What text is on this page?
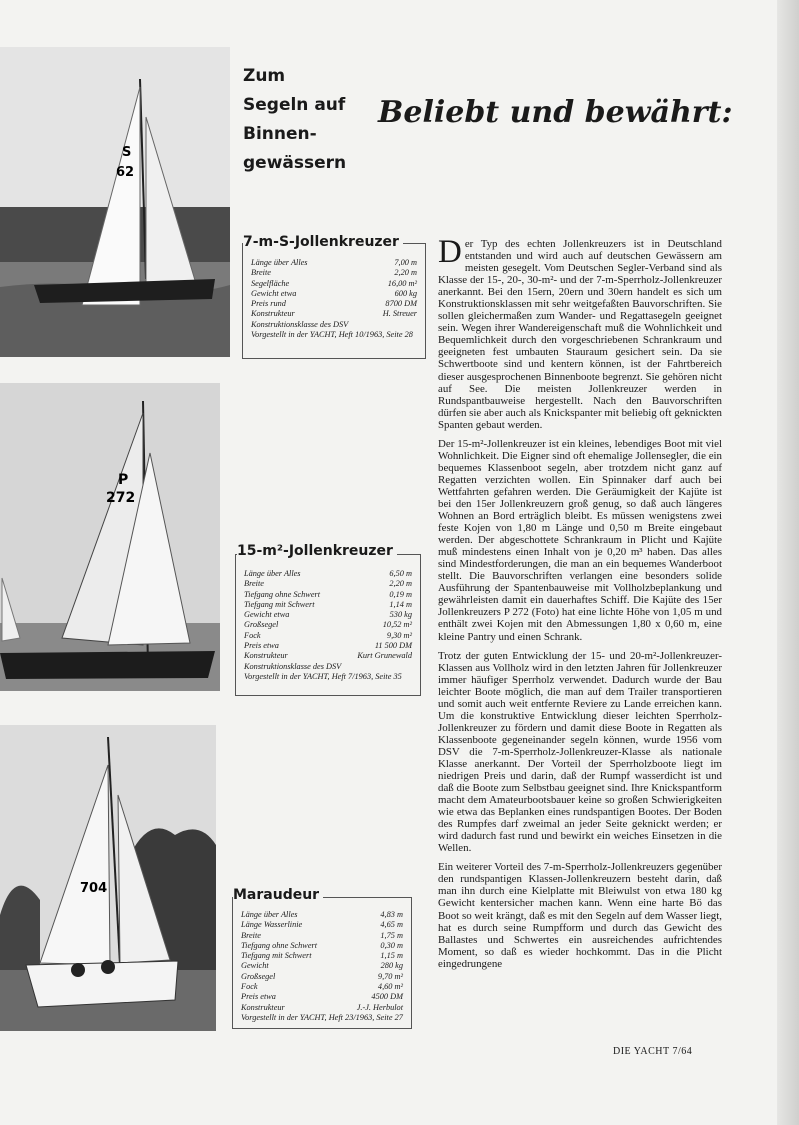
S
62
P
272
704
Zum
Segeln auf
Binnen-
gewässern
Beliebt und bewährt:
Länge über Alles	7,00 m
Breite	2,20 m
Segelfläche	16,00 m²
Gewicht etwa	600 kg
Preis rund	8700 DM
Konstrukteur	H. Streuer
Konstruktionsklasse des DSV
Vorgestellt in der YACHT, Heft 10/1963, Seite 28
7-m-S-Jollenkreuzer
Länge über Alles	6,50 m
Breite	2,20 m
Tiefgang ohne Schwert	0,19 m
Tiefgang mit Schwert	1,14 m
Gewicht etwa	530 kg
Großsegel	10,52 m²
Fock	9,30 m²
Preis etwa	11 500 DM
Konstrukteur	Kurt Grunewald
Konstruktionsklasse des DSV
Vorgestellt in der YACHT, Heft 7/1963, Seite 35
15-m²-Jollenkreuzer
Länge über Alles	4,83 m
Länge Wasserlinie	4,65 m
Breite	1,75 m
Tiefgang ohne Schwert	0,30 m
Tiefgang mit Schwert	1,15 m
Gewicht	280 kg
Großsegel	9,70 m²
Fock	4,60 m²
Preis etwa	4500 DM
Konstrukteur	J.-J. Herbulot
Vorgestellt in der YACHT, Heft 23/1963, Seite 27
Maraudeur

Der Typ des echten Jollenkreuzers ist in Deutschland entstanden und wird auch auf deutschen Gewässern am meisten gesegelt. Vom Deutschen Segler-Verband sind als Klasse der 15-, 20-, 30-m²- und der 7-m-Sperrholz-Jollenkreuzer anerkannt. Bei den 15ern, 20ern und 30ern handelt es sich um Konstruktionsklassen mit sehr weitgefaßten Bauvorschriften. Sie sollen gleichermaßen zum Wander- und Regattasegeln geeignet sein. Wegen ihrer Wandereigenschaft muß die Wohnlichkeit und Bequemlichkeit durch den vorgeschriebenen Schrankraum und geeigneten fest umbauten Stauraum gesichert sein. Da sie Schwertboote sind und kentern können, ist der Fahrtbereich dieser ausgesprochenen Binnenboote begrenzt. Sie gehören nicht auf See. Die meisten Jollenkreuzer werden in Rundspantbauweise hergestellt. Nach den Bauvorschriften dürfen sie aber auch als Knickspanter mit beliebig oft geknickten Spanten gebaut werden.

Der 15-m²-Jollenkreuzer ist ein kleines, lebendiges Boot mit viel Wohnlichkeit. Die Eigner sind oft ehemalige Jollensegler, die ein bequemes Klassenboot segeln, aber trotzdem nicht ganz auf Regatten verzichten wollen. Ein Spinnaker darf auch bei Wettfahrten gefahren werden. Die Geräumigkeit der Kajüte ist bei den 15er Jollenkreuzern groß genug, so daß auch längeres Wohnen an Bord erträglich bleibt. Es müssen wenigstens zwei feste Kojen von 1,80 m Länge und 0,50 m Breite eingebaut werden. Der abgeschottete Schrankraum in Plicht und Kajüte muß mindestens einen Inhalt von je 0,20 m³ haben. Das alles sind Mindestforderungen, die man an ein bequemes Wanderboot stellt. Die Bauvorschriften verlangen eine besonders solide Ausführung der Spantenbauweise mit Vollholzbeplankung und gewährleisten damit ein dauerhaftes Schiff. Die Kajüte des 15er Jollenkreuzers P 272 (Foto) hat eine lichte Höhe von 1,05 m und enthält zwei Kojen mit den Abmessungen 1,80 x 0,60 m, eine kleine Pantry und einen Schrank.

Trotz der guten Entwicklung der 15- und 20-m²-Jollenkreuzer-Klassen aus Vollholz wird in den letzten Jahren für Jollenkreuzer immer häufiger Sperrholz verwendet. Dadurch wurde der Bau leichter Boote möglich, die man auf dem Trailer transportieren und somit auch weit entfernte Reviere zu Lande erreichen kann. Um die konstruktive Entwicklung dieser leichten Sperrholz-Jollenkreuzer zu fördern und damit diese Boote in Regatten als Klassenboote gegeneinander segeln können, wurde 1956 vom DSV die 7-m-Sperrholz-Jollenkreuzer-Klasse als nationale Klasse anerkannt. Der Vorteil der Sperrholzboote liegt im niedrigen Preis und darin, daß der Rumpf wasserdicht ist und daß die Boote zum Selbstbau geeignet sind. Ihre Knickspantform macht dem Amateurbootsbauer keine so großen Schwierigkeiten wie etwa das Beplanken eines rundspantigen Bootes. Der Boden des Rumpfes darf zweimal an jeder Seite geknickt werden; er wird dadurch fast rund und bewirkt ein weiches Einsetzen in die Wellen.

Ein weiterer Vorteil des 7-m-Sperrholz-Jollenkreuzers gegenüber den rundspantigen Klassen-Jollenkreuzern besteht darin, daß man ihn durch eine Kielplatte mit Bleiwulst von etwa 180 kg Gewicht kentersicher machen kann. Wenn eine harte Bö das Boot so weit krängt, daß es mit den Segeln auf dem Wasser liegt, hat es durch seine Rumpfform und durch das Gewicht des Ballastes und Schwertes ein ausreichendes aufrichtendes Moment, so daß es wieder hochkommt. Das in die Plicht eingedrungene

DIE YACHT 7/64
